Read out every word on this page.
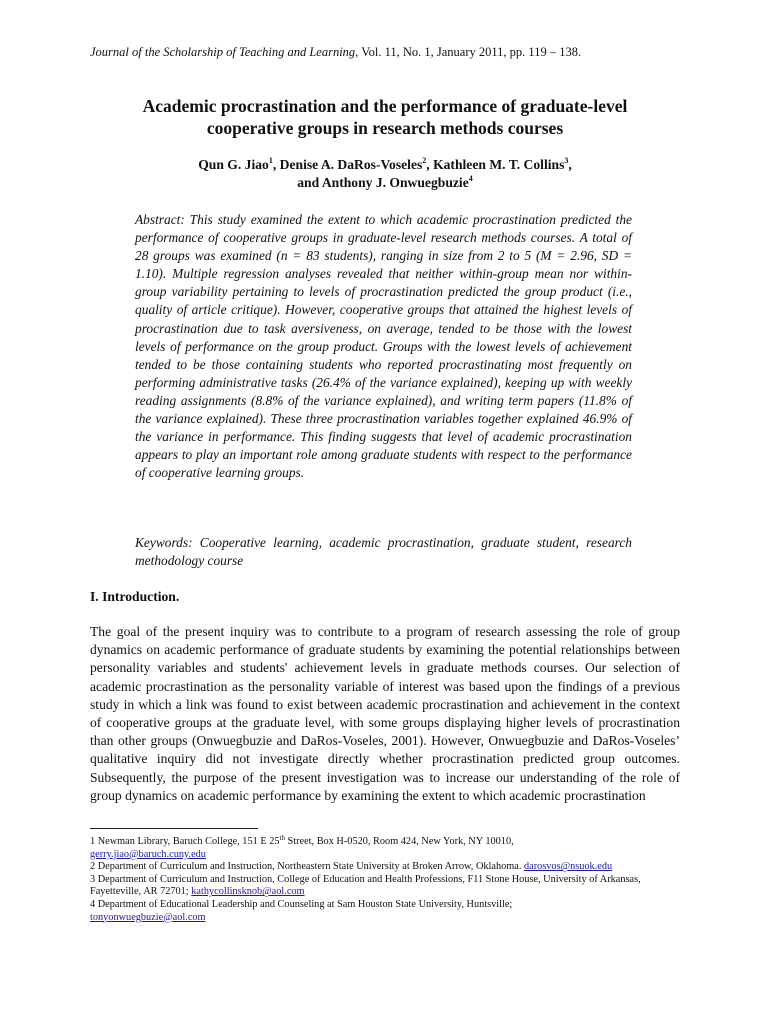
Journal of the Scholarship of Teaching and Learning, Vol. 11, No. 1, January 2011, pp. 119 – 138.
Academic procrastination and the performance of graduate-level
cooperative groups in research methods courses
Qun G. Jiao$^1$, Denise A. DaRos-Voseles$^2$, Kathleen M. T. Collins$^3$,
and Anthony J. Onwuegbuzie$^4$

Abstract: This study examined the extent to which academic procrastination predicted the performance of cooperative groups in graduate-level research methods courses. A total of 28 groups was examined (n = 83 students), ranging in size from 2 to 5 (M = 2.96, SD = 1.10). Multiple regression analyses revealed that neither within-group mean nor within-group variability pertaining to levels of procrastination predicted the group product (i.e., quality of article critique). However, cooperative groups that attained the highest levels of procrastination due to task aversiveness, on average, tended to be those with the lowest levels of performance on the group product. Groups with the lowest levels of achievement tended to be those containing students who reported procrastinating most frequently on performing administrative tasks (26.4% of the variance explained), keeping up with weekly reading assignments (8.8% of the variance explained), and writing term papers (11.8% of the variance explained). These three procrastination variables together explained 46.9% of the variance in performance. This finding suggests that level of academic procrastination appears to play an important role among graduate students with respect to the performance of cooperative learning groups.

Keywords: Cooperative learning, academic procrastination, graduate student, research methodology course

I. Introduction.

The goal of the present inquiry was to contribute to a program of research assessing the role of group dynamics on academic performance of graduate students by examining the potential relationships between personality variables and students' achievement levels in graduate methods courses. Our selection of academic procrastination as the personality variable of interest was based upon the findings of a previous study in which a link was found to exist between academic procrastination and achievement in the context of cooperative groups at the graduate level, with some groups displaying higher levels of procrastination than other groups (Onwuegbuzie and DaRos-Voseles, 2001). However, Onwuegbuzie and DaRos-Voseles’ qualitative inquiry did not investigate directly whether procrastination predicted group outcomes. Subsequently, the purpose of the present investigation was to increase our understanding of the role of group dynamics on academic performance by examining the extent to which academic procrastination

1 Newman Library, Baruch College, 151 E 25th Street, Box H-0520, Room 424, New York, NY 10010,
gerry.jiao@baruch.cuny.edu

2 Department of Curriculum and Instruction, Northeastern State University at Broken Arrow, Oklahoma. darosvos@nsuok.edu

3 Department of Curriculum and Instruction, College of Education and Health Professions, F11 Stone House, University of Arkansas, Fayetteville, AR 72701; kathycollinsknob@aol.com

4 Department of Educational Leadership and Counseling at Sam Houston State University, Huntsville;
tonyonwuegbuzie@aol.com
